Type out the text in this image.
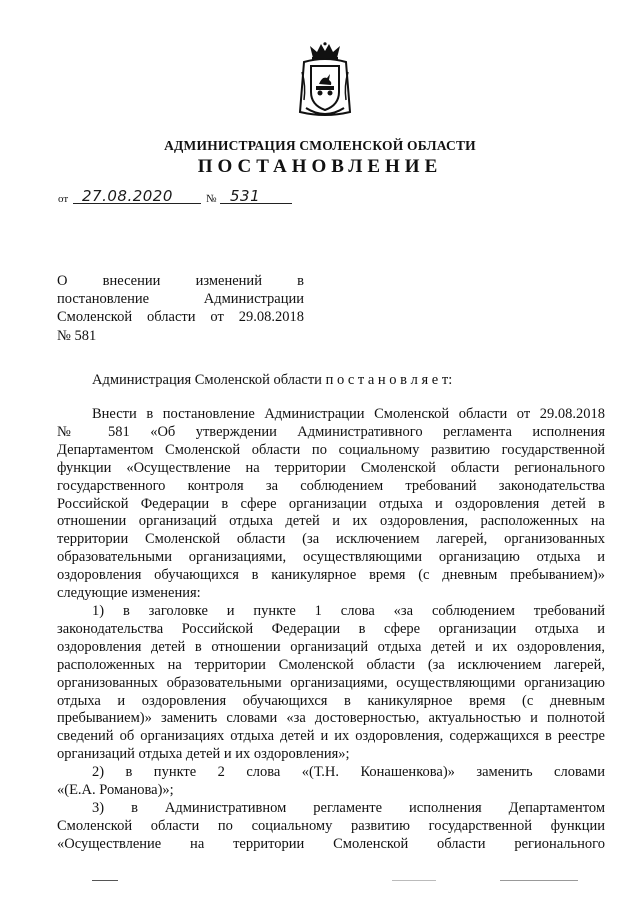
АДМИНИСТРАЦИЯ СМОЛЕНСКОЙ ОБЛАСТИ
ПОСТАНОВЛЕНИЕ
от 27.08.2020	№ 531
О внесении изменений в
постановление Администрации
Смоленской области от 29.08.2018
№ 581
Администрация Смоленской области п о с т а н о в л я е т:
Внести в постановление Администрации Смоленской области от 29.08.2018
№ 581 «Об утверждении Административного регламента исполнения
Департаментом Смоленской области по социальному развитию государственной
функции «Осуществление на территории Смоленской области регионального
государственного контроля за соблюдением требований законодательства
Российской Федерации в сфере организации отдыха и оздоровления детей в
отношении организаций отдыха детей и их оздоровления, расположенных на
территории Смоленской области (за исключением лагерей, организованных
образовательными организациями, осуществляющими организацию отдыха и
оздоровления обучающихся в каникулярное время (с дневным пребыванием)»
следующие изменения:
1) в заголовке и пункте 1 слова «за соблюдением требований
законодательства Российской Федерации в сфере организации отдыха и
оздоровления детей в отношении организаций отдыха детей и их оздоровления,
расположенных на территории Смоленской области (за исключением лагерей,
организованных образовательными организациями, осуществляющими организацию
отдыха и оздоровления обучающихся в каникулярное время (с дневным
пребыванием)» заменить словами «за достоверностью, актуальностью и полнотой
сведений об организациях отдыха детей и их оздоровления, содержащихся в реестре
организаций отдыха детей и их оздоровления»;
2) в пункте 2 слова «(Т.Н. Конашенкова)» заменить словами
«(Е.А. Романова)»;
3) в Административном регламенте исполнения Департаментом
Смоленской области по социальному развитию государственной функции
«Осуществление на территории Смоленской области регионального
